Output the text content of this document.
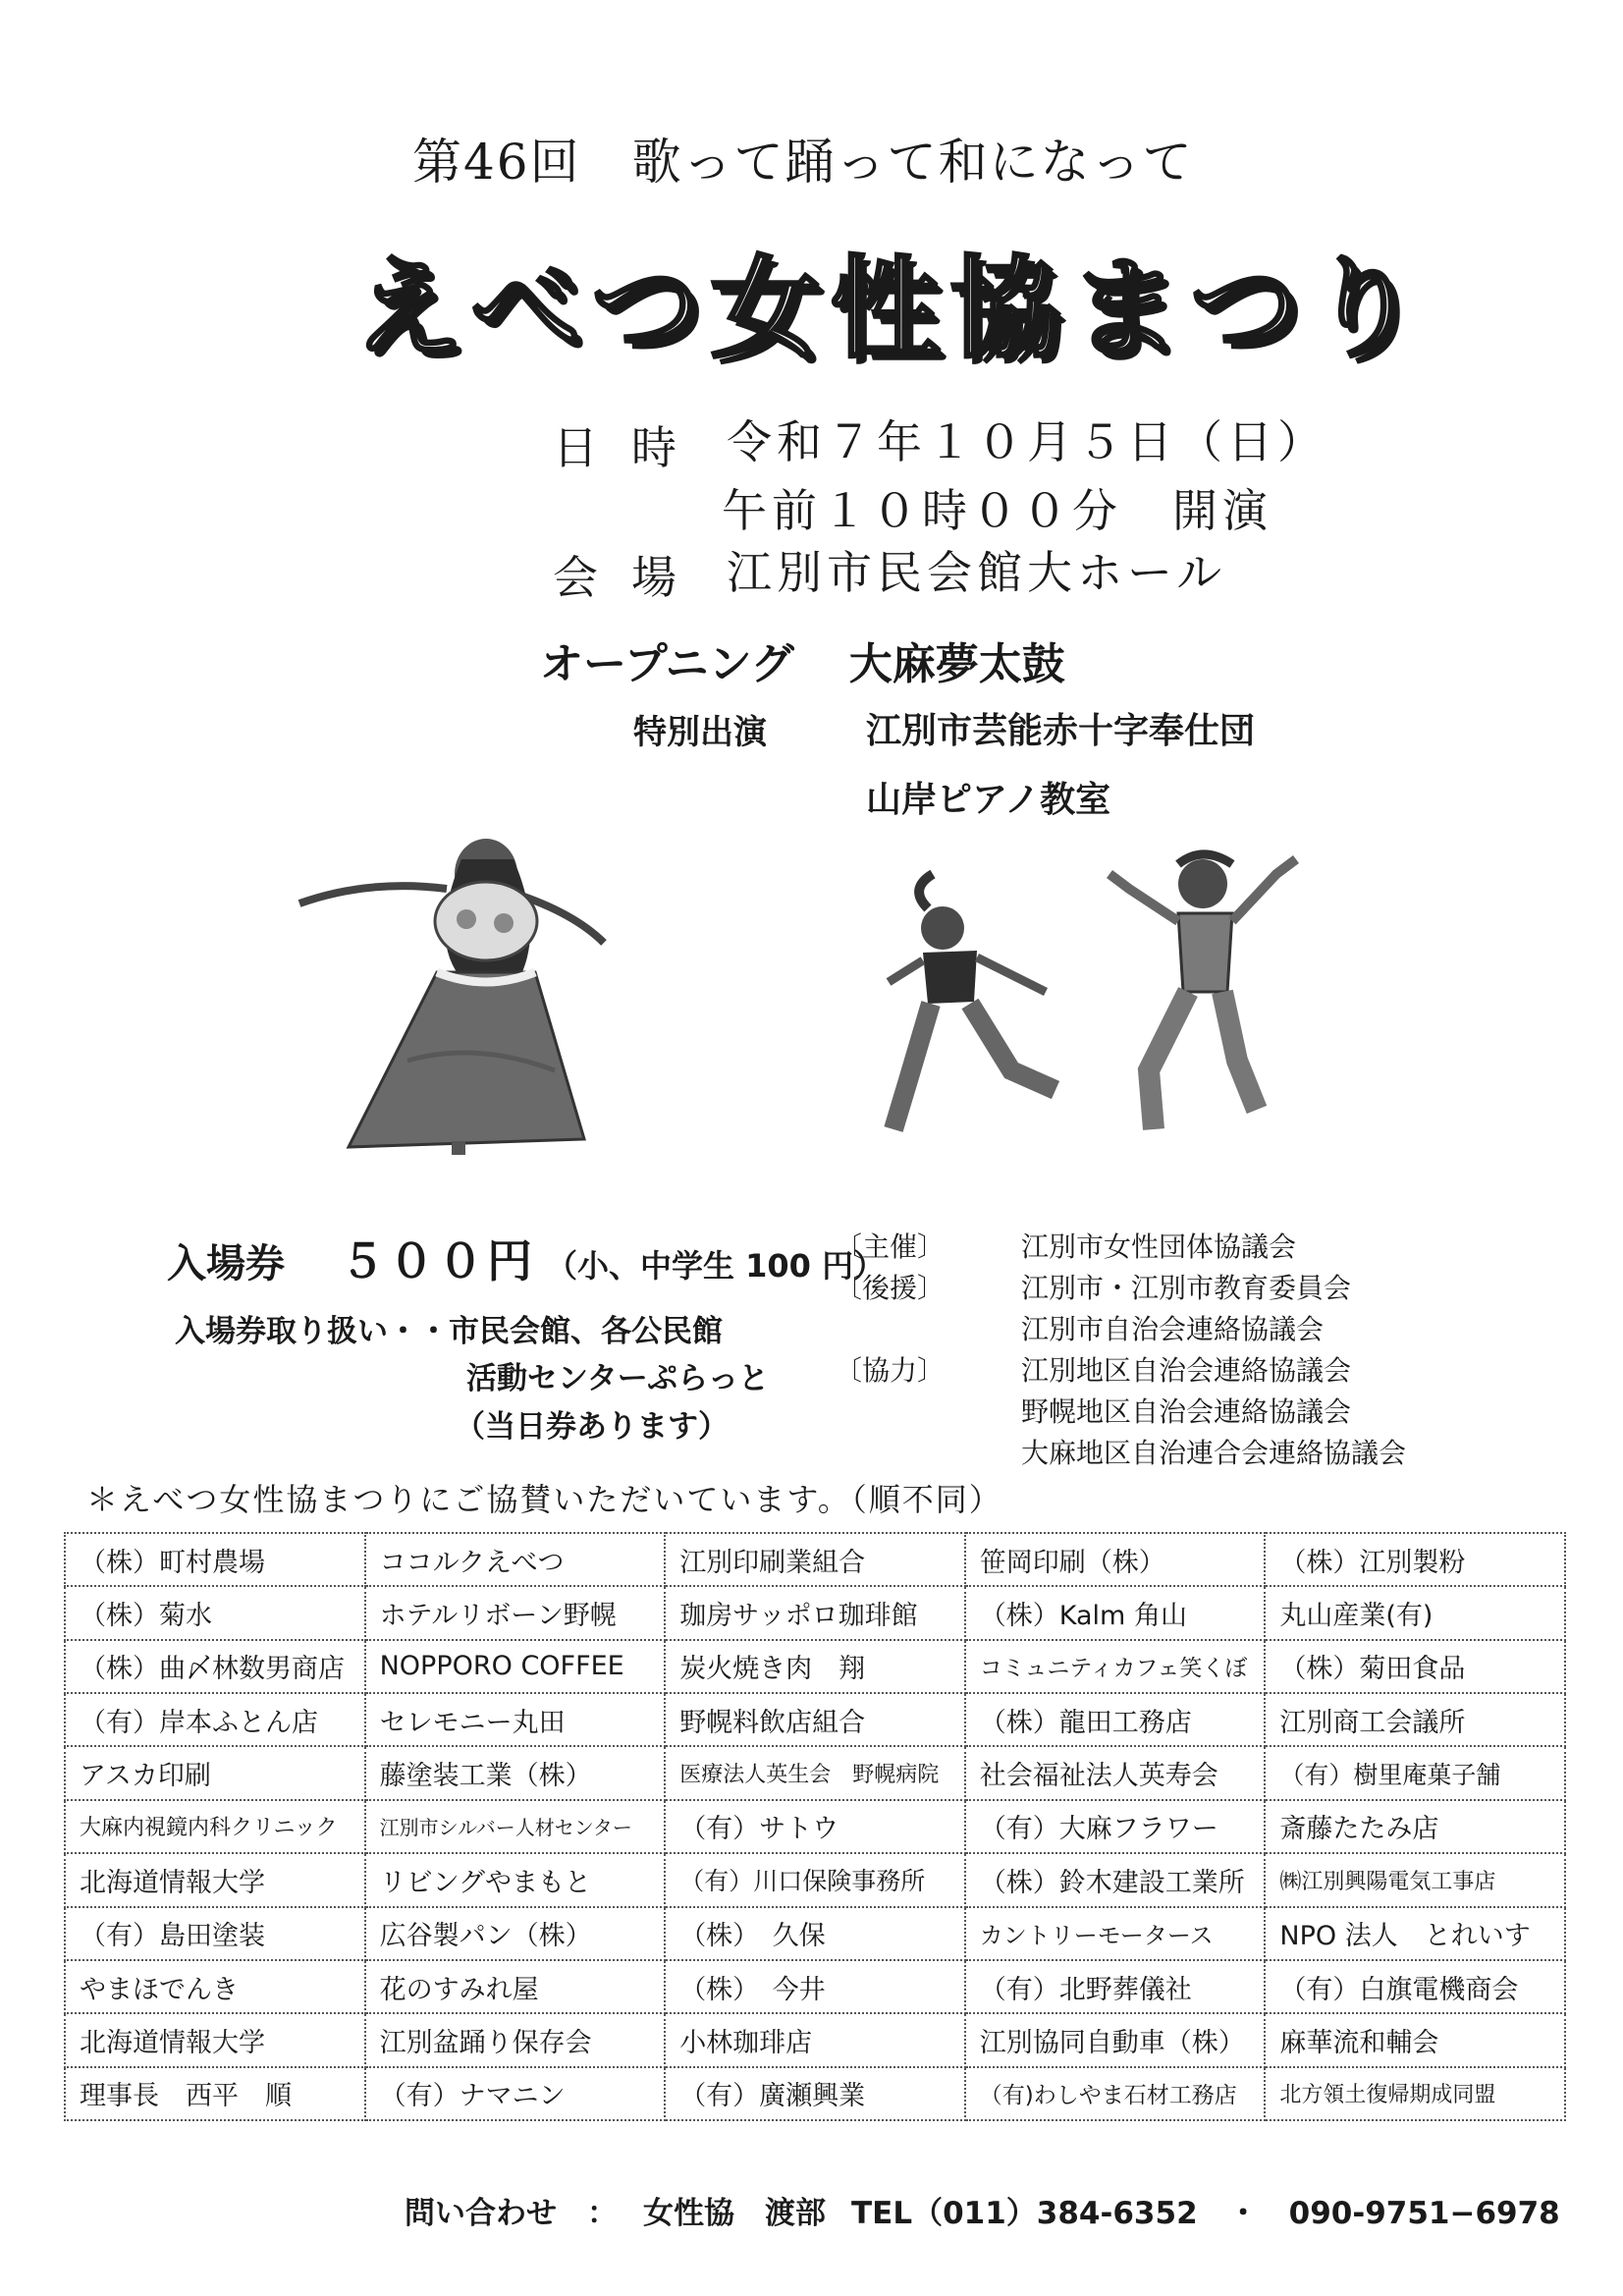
第46回　歌って踊って和になって
えべつ女性協まつり
日時 令和７年１０月５日（日）
午前１０時００分　開演
会場 江別市民会館大ホール
オープニング 大麻夢太鼓
特別出演	江別市芸能赤十字奉仕団
山岸ピアノ教室
入場券 ５００円 （小、中学生 100 円）
入場券取り扱い・・市民会館、各公民館
活動センターぷらっと
（当日券あります）
〔主催〕	江別市女性団体協議会
〔後援〕	江別市・江別市教育委員会
江別市自治会連絡協議会
〔協力〕	江別地区自治会連絡協議会
野幌地区自治会連絡協議会
大麻地区自治連合会連絡協議会
＊えべつ女性協まつりにご協賛いただいています。（順不同）
（株）町村農場	ココルクえべつ	江別印刷業組合	笹岡印刷（株）	（株）江別製粉
（株）菊水	ホテルリボーン野幌	珈房サッポロ珈琲館	（株）Kalm 角山	丸山産業(有)
（株）曲〆林数男商店	NOPPORO COFFEE	炭火焼き肉　翔	コミュニティカフェ笑くぼ	（株）菊田食品
（有）岸本ふとん店	セレモニー丸田	野幌料飲店組合	（株）龍田工務店	江別商工会議所
アスカ印刷	藤塗装工業（株）	医療法人英生会　野幌病院	社会福祉法人英寿会	（有）樹里庵菓子舗
大麻内視鏡内科クリニック	江別市シルバー人材センター	（有）サトウ	（有）大麻フラワー	斎藤たたみ店
北海道情報大学	リビングやまもと	（有）川口保険事務所	（株）鈴木建設工業所	㈱江別興陽電気工事店
（有）島田塗装	広谷製パン（株）	（株）　久保	カントリーモータース	NPO 法人　とれいす
やまほでんき	花のすみれ屋	（株）　今井	（有）北野葬儀社	（有）白旗電機商会
北海道情報大学	江別盆踊り保存会	小林珈琲店	江別協同自動車（株）	麻華流和輔会
理事長　西平　順	（有）ナマニン	（有）廣瀬興業	（有)わしやま石材工務店	北方領土復帰期成同盟
問い合わせ　： 女性協　渡部 TEL（011）384-6352　・　090-9751−6978
